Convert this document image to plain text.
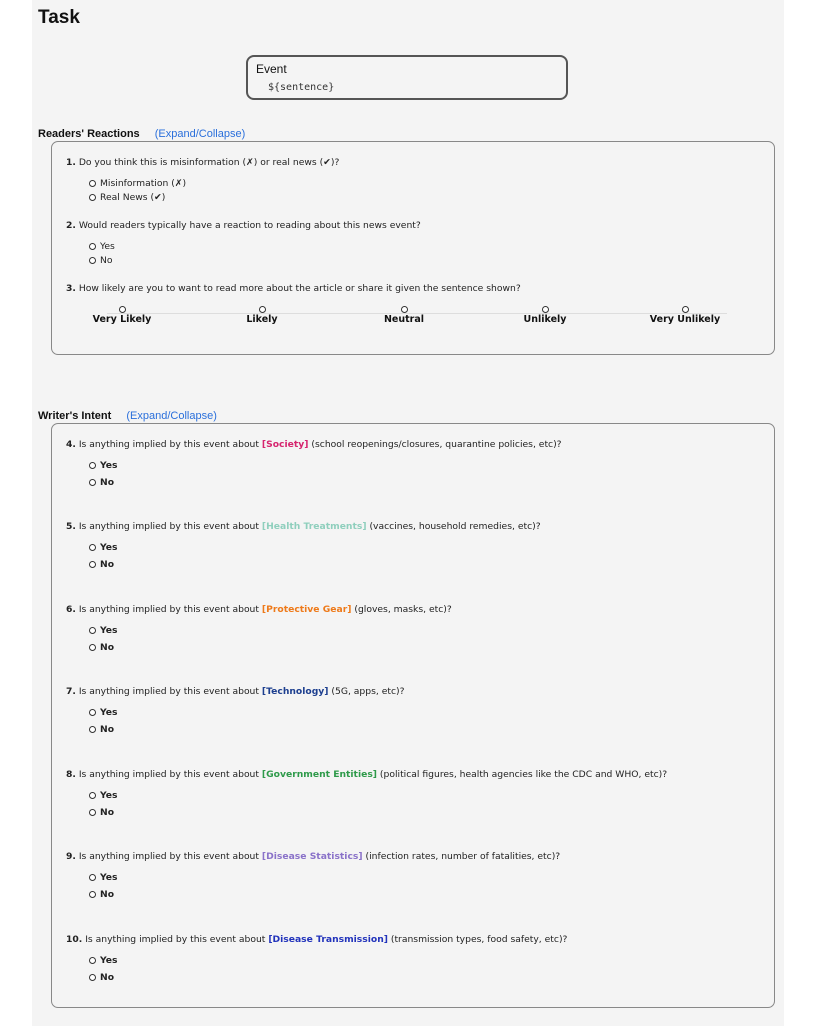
Task
Event
${sentence}
Readers' Reactions (Expand/Collapse)
1. Do you think this is misinformation (✗) or real news (✔)?
Misinformation (✗)
Real News (✔)
2. Would readers typically have a reaction to reading about this news event?
Yes
No
3. How likely are you to want to read more about the article or share it given the sentence shown?
Very Likely	Likely	Neutral	Unlikely	Very Unlikely
Writer's Intent (Expand/Collapse)
4. Is anything implied by this event about [Society] (school reopenings/closures, quarantine policies, etc)?
Yes
No
5. Is anything implied by this event about [Health Treatments] (vaccines, household remedies, etc)?
Yes
No
6. Is anything implied by this event about [Protective Gear] (gloves, masks, etc)?
Yes
No
7. Is anything implied by this event about [Technology] (5G, apps, etc)?
Yes
No
8. Is anything implied by this event about [Government Entities] (political figures, health agencies like the CDC and WHO, etc)?
Yes
No
9. Is anything implied by this event about [Disease Statistics] (infection rates, number of fatalities, etc)?
Yes
No
10. Is anything implied by this event about [Disease Transmission] (transmission types, food safety, etc)?
Yes
No
